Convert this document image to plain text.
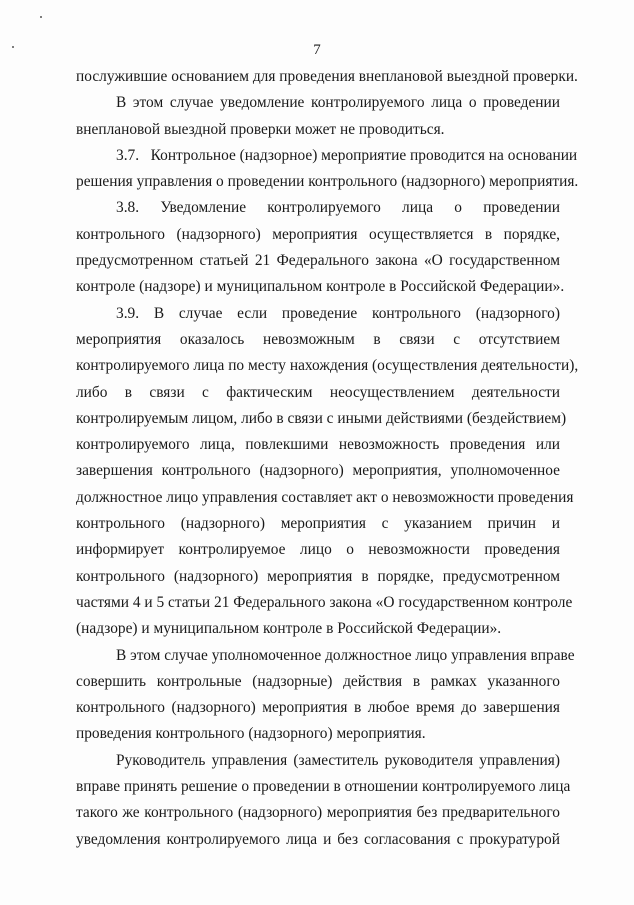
7
послужившие основанием для проведения внеплановой выездной проверки.
В этом случае уведомление контролируемого лица о проведении
внеплановой выездной проверки может не проводиться.
3.7.   Контрольное (надзорное) мероприятие проводится на основании
решения управления о проведении контрольного (надзорного) мероприятия.
3.8. Уведомление контролируемого лица о проведении
контрольного (надзорного) мероприятия осуществляется в порядке,
предусмотренном статьей 21 Федерального закона «О государственном
контроле (надзоре) и муниципальном контроле в Российской Федерации».
3.9. В случае если проведение контрольного (надзорного)
мероприятия оказалось невозможным в связи с отсутствием
контролируемого лица по месту нахождения (осуществления деятельности),
либо в связи с фактическим неосуществлением деятельности
контролируемым лицом, либо в связи с иными действиями (бездействием)
контролируемого лица, повлекшими невозможность проведения или
завершения контрольного (надзорного) мероприятия, уполномоченное
должностное лицо управления составляет акт о невозможности проведения
контрольного (надзорного) мероприятия с указанием причин и
информирует контролируемое лицо о невозможности проведения
контрольного (надзорного) мероприятия в порядке, предусмотренном
частями 4 и 5 статьи 21 Федерального закона «О государственном контроле
(надзоре) и муниципальном контроле в Российской Федерации».
В этом случае уполномоченное должностное лицо управления вправе
совершить контрольные (надзорные) действия в рамках указанного
контрольного (надзорного) мероприятия в любое время до завершения
проведения контрольного (надзорного) мероприятия.
Руководитель управления (заместитель руководителя управления)
вправе принять решение о проведении в отношении контролируемого лица
такого же контрольного (надзорного) мероприятия без предварительного
уведомления контролируемого лица и без согласования с прокуратурой
